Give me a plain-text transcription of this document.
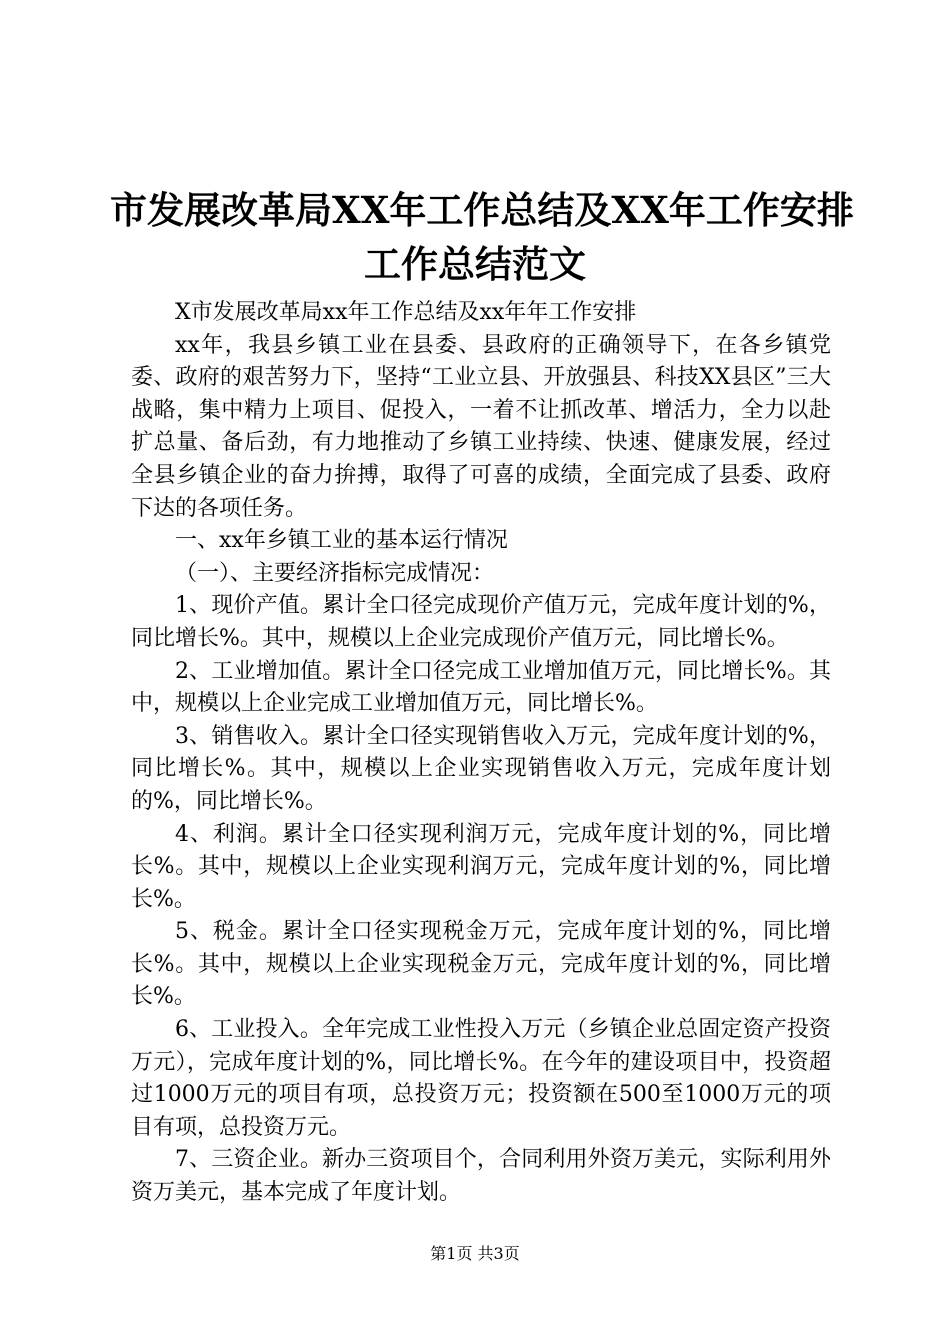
市发展改革局XX年工作总结及XX年工作安排
工作总结范文

X市发展改革局xx年工作总结及xx年年工作安排

xx年，我县乡镇工业在县委、县政府的正确领导下，在各乡镇党委、政府的艰苦努力下，坚持“工业立县、开放强县、科技XX县区”三大战略，集中精力上项目、促投入，一着不让抓改革、增活力，全力以赴扩总量、备后劲，有力地推动了乡镇工业持续、快速、健康发展，经过全县乡镇企业的奋力拚搏，取得了可喜的成绩，全面完成了县委、政府下达的各项任务。

一、xx年乡镇工业的基本运行情况

（一）、主要经济指标完成情况：

1、现价产值。累计全口径完成现价产值万元，完成年度计划的%，同比增长%。其中，规模以上企业完成现价产值万元，同比增长%。

2、工业增加值。累计全口径完成工业增加值万元，同比增长%。其中，规模以上企业完成工业增加值万元，同比增长%。

3、销售收入。累计全口径实现销售收入万元，完成年度计划的%，同比增长%。其中，规模以上企业实现销售收入万元，完成年度计划的%，同比增长%。

4、利润。累计全口径实现利润万元，完成年度计划的%，同比增长%。其中，规模以上企业实现利润万元，完成年度计划的%，同比增长%。

5、税金。累计全口径实现税金万元，完成年度计划的%，同比增长%。其中，规模以上企业实现税金万元，完成年度计划的%，同比增长%。

6、工业投入。全年完成工业性投入万元（乡镇企业总固定资产投资万元），完成年度计划的%，同比增长%。在今年的建设项目中，投资超过1000万元的项目有项，总投资万元；投资额在500至1000万元的项目有项，总投资万元。

7、三资企业。新办三资项目个，合同利用外资万美元，实际利用外资万美元，基本完成了年度计划。

第1页 共3页
